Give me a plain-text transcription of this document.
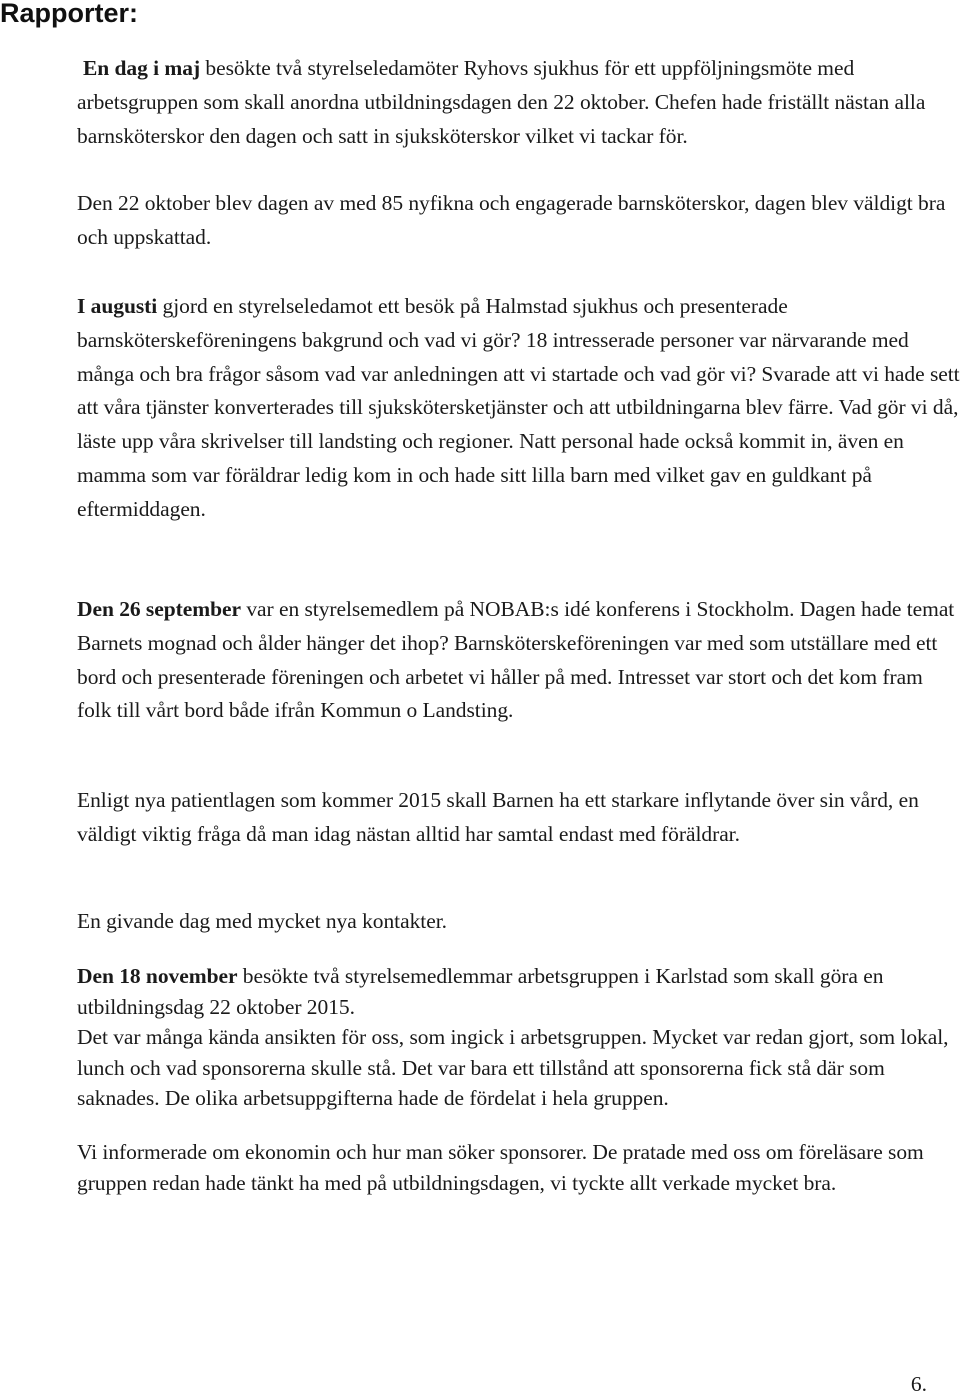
Rapporter:

En dag i maj besökte två styrelseledamöter Ryhovs sjukhus för ett uppföljningsmöte med arbetsgruppen som skall anordna utbildningsdagen den 22 oktober. Chefen hade friställt nästan alla barnsköterskor den dagen och satt in sjuksköterskor vilket vi tackar för.

Den 22 oktober blev dagen av med 85 nyfikna och engagerade barnsköterskor, dagen blev väldigt bra och uppskattad.

I augusti gjord en styrelseledamot ett besök på Halmstad sjukhus och presenterade barnsköterskeföreningens bakgrund och vad vi gör? 18 intresserade personer var närvarande med många och bra frågor såsom vad var anledningen att vi startade och vad gör vi? Svarade att vi hade sett att våra tjänster konverterades till sjukskötersketjänster och att utbildningarna blev färre. Vad gör vi då, läste upp våra skrivelser till landsting och regioner. Natt personal hade också kommit in, även en mamma som var föräldrar ledig kom in och hade sitt lilla barn med vilket gav en guldkant på eftermiddagen.

Den 26 september var en styrelsemedlem på NOBAB:s idé konferens i Stockholm. Dagen hade temat Barnets mognad och ålder hänger det ihop? Barnsköterskeföreningen var med som utställare med ett bord och presenterade föreningen och arbetet vi håller på med. Intresset var stort och det kom fram folk till vårt bord både ifrån Kommun o Landsting.

Enligt nya patientlagen som kommer 2015 skall Barnen ha ett starkare inflytande över sin vård, en väldigt viktig fråga då man idag nästan alltid har samtal endast med föräldrar.

En givande dag med mycket nya kontakter.

Den 18 november besökte två styrelsemedlemmar arbetsgruppen i Karlstad som skall göra en utbildningsdag 22 oktober 2015.

Det var många kända ansikten för oss, som ingick i arbetsgruppen. Mycket var redan gjort, som lokal, lunch och vad sponsorerna skulle stå. Det var bara ett tillstånd att sponsorerna fick stå där som saknades. De olika arbetsuppgifterna hade de fördelat i hela gruppen.

Vi informerade om ekonomin och hur man söker sponsorer. De pratade med oss om föreläsare som gruppen redan hade tänkt ha med på utbildningsdagen, vi tyckte allt verkade mycket bra.

6.
